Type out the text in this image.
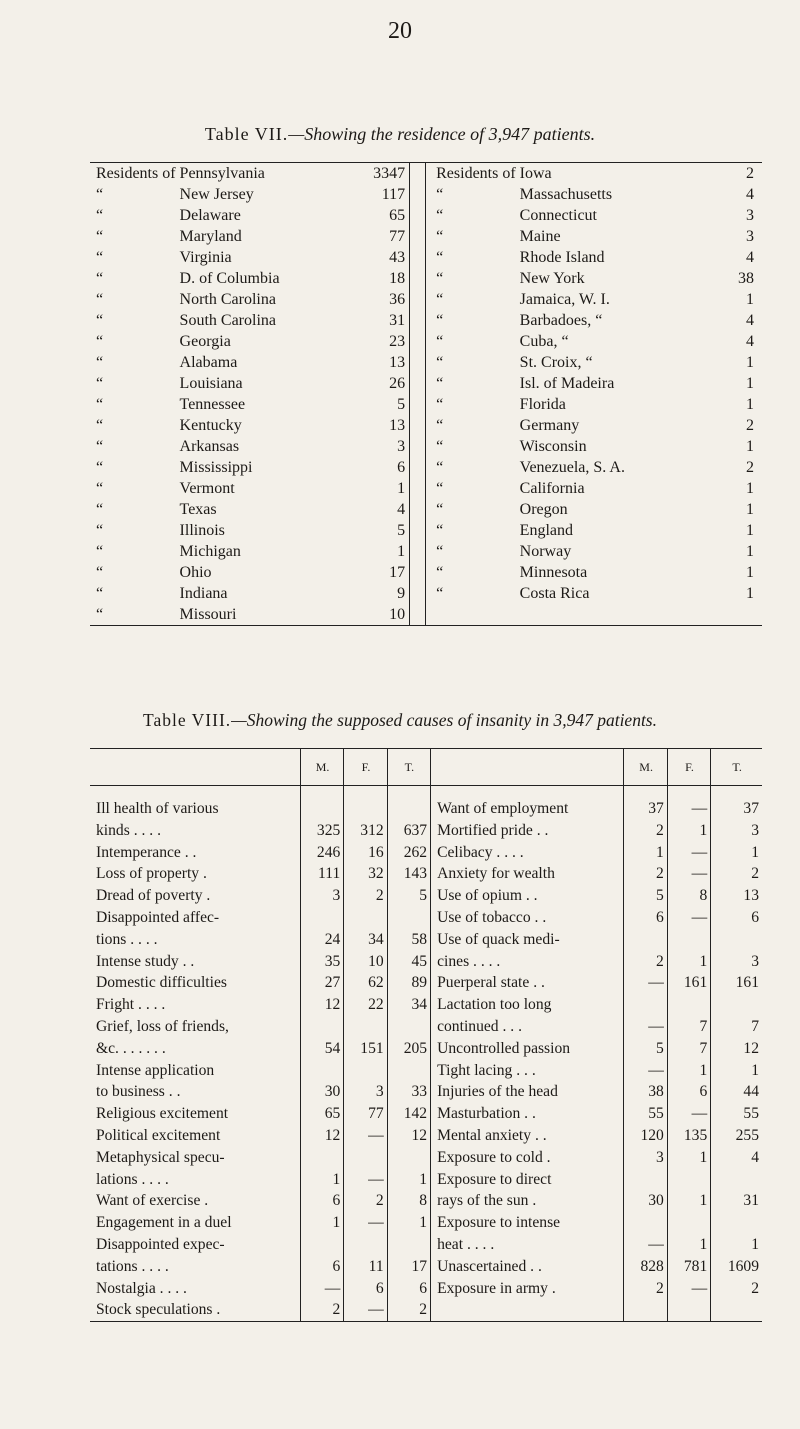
20
Table VII.—Showing the residence of 3,947 patients.
Residents of	Pennsylvania	3347		Residents of	Iowa	2
“	New Jersey	117		“	Massachusetts	4
“	Delaware	65		“	Connecticut	3
“	Maryland	77		“	Maine	3
“	Virginia	43		“	Rhode Island	4
“	D. of Columbia	18		“	New York	38
“	North Carolina	36		“	Jamaica, W. I.	1
“	South Carolina	31		“	Barbadoes, “	4
“	Georgia	23		“	Cuba, “	4
“	Alabama	13		“	St. Croix, “	1
“	Louisiana	26		“	Isl. of Madeira	1
“	Tennessee	5		“	Florida	1
“	Kentucky	13		“	Germany	2
“	Arkansas	3		“	Wisconsin	1
“	Mississippi	6		“	Venezuela, S. A.	2
“	Vermont	1		“	California	1
“	Texas	4		“	Oregon	1
“	Illinois	5		“	England	1
“	Michigan	1		“	Norway	1
“	Ohio	17		“	Minnesota	1
“	Indiana	9		“	Costa Rica	1
“	Missouri	10				
Table VIII.—Showing the supposed causes of insanity in 3,947 patients.
	M.	F.	T.		M.	F.	T.

Ill health of various				Want of employment	37	—	37
kinds . . . .	325	312	637	Mortified pride . .	2	1	3
Intemperance . .	246	16	262	Celibacy . . . .	1	—	1
Loss of property .	111	32	143	Anxiety for wealth	2	—	2
Dread of poverty .	3	2	5	Use of opium . .	5	8	13
Disappointed affec-				Use of tobacco . .	6	—	6
tions . . . .	24	34	58	Use of quack medi-			
Intense study . .	35	10	45	cines . . . .	2	1	3
Domestic difficulties	27	62	89	Puerperal state . .	—	161	161
Fright . . . .	12	22	34	Lactation too long			
Grief, loss of friends,				continued . . .	—	7	7
&c. . . . . . .	54	151	205	Uncontrolled passion	5	7	12
Intense application				Tight lacing . . .	—	1	1
to business . .	30	3	33	Injuries of the head	38	6	44
Religious excitement	65	77	142	Masturbation . .	55	—	55
Political excitement	12	—	12	Mental anxiety . .	120	135	255
Metaphysical specu-				Exposure to cold .	3	1	4
lations . . . .	1	—	1	Exposure to direct			
Want of exercise .	6	2	8	rays of the sun .	30	1	31
Engagement in a duel	1	—	1	Exposure to intense			
Disappointed expec-				heat . . . .	—	1	1
tations . . . .	6	11	17	Unascertained . .	828	781	1609
Nostalgia . . . .	—	6	6	Exposure in army .	2	—	2
Stock speculations .	2	—	2				
